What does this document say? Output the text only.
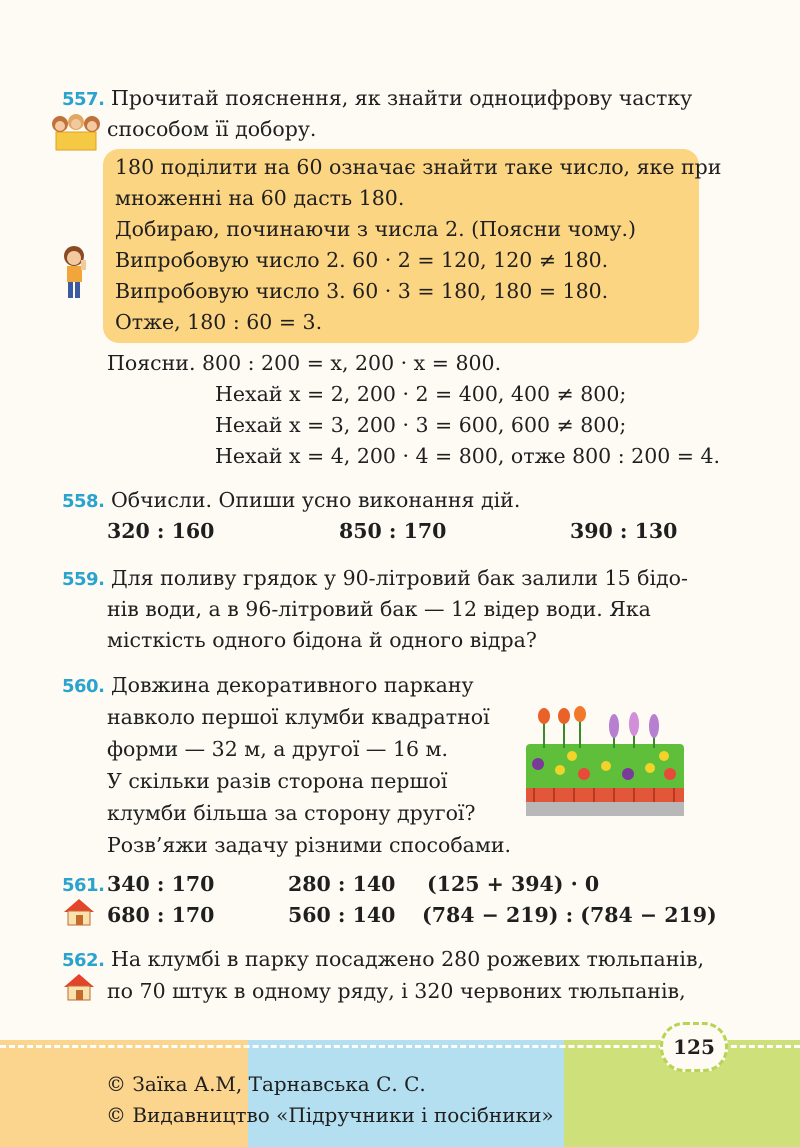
557. Прочитай пояснення, як знайти одноцифрову частку
способом її добору.
180 поділити на 60 означає знайти таке число, яке при
множенні на 60 дасть 180.
Добираю, починаючи з числа 2. (Поясни чому.)
Випробовую число 2. 60 · 2 = 120, 120 ≠ 180.
Випробовую число 3. 60 · 3 = 180, 180 = 180.
Отже, 180 : 60 = 3.
Поясни. 800 : 200 = x, 200 · x = 800.
Нехай x = 2, 200 · 2 = 400, 400 ≠ 800;
Нехай x = 3, 200 · 3 = 600, 600 ≠ 800;
Нехай x = 4, 200 · 4 = 800, отже 800 : 200 = 4.
558. Обчисли. Опиши усно виконання дій.
320 : 160	850 : 170	390 : 130
559. Для поливу грядок у 90-літровий бак залили 15 бідо-
нів води, а в 96-літровий бак — 12 відер води. Яка
місткість одного бідона й одного відра?
560. Довжина декоративного паркану
навколо першої клумби квадратної
форми — 32 м, а другої — 16 м.
У скільки разів сторона першої
клумби більша за сторону другої?
Розв’яжи задачу різними способами.
561. 340 : 170	280 : 140 (125 + 394) · 0
680 : 170	560 : 140 (784 − 219) : (784 − 219)
562. На клумбі в парку посаджено 280 рожевих тюльпанів,
по 70 штук в одному ряду, і 320 червоних тюльпанів,
125
© Заїка А.М, Тарнавська С. С.
© Видавництво «Підручники і посібники»
